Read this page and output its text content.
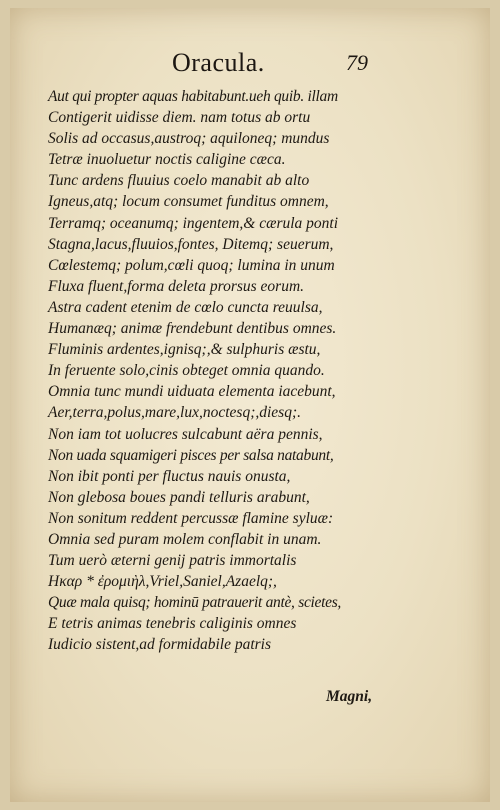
Oracula.	79
Aut qui propter aquas habitabunt.ueh quib. illam
Contigerit uidisse diem. nam totus ab ortu
Solis ad occasus,austroq; aquiloneq; mundus
Tetræ inuoluetur noctis caligine cæca.
Tunc ardens fluuius coelo manabit ab alto
Igneus,atq; locum consumet funditus omnem,
Terramq; oceanumq; ingentem,& cærula ponti
Stagna,lacus,fluuios,fontes, Ditemq; seuerum,
Cœlestemq; polum,cœli quoq; lumina in unum
Fluxa fluent,forma deleta prorsus eorum.
Astra cadent etenim de cœlo cuncta reuulsa,
Humanæq; animæ frendebunt dentibus omnes.
Fluminis ardentes,ignisq;,& sulphuris æstu,
In feruente solo,cinis obteget omnia quando.
Omnia tunc mundi uiduata elementa iacebunt,
Aer,terra,polus,mare,lux,noctesq;,diesq;.
Non iam tot uolucres sulcabunt aëra pennis,
Non uada squamigeri pisces per salsa natabunt,
Non ibit ponti per fluctus nauis onusta,
Non glebosa boues pandi telluris arabunt,
Non sonitum reddent percussæ flamine syluæ:
Omnia sed puram molem conflabit in unam.
Tum uerò æterni genij patris immortalis
Ηκαρ * ἐρομιὴλ,Vriel,Saniel,Azaelq;,
Quæ mala quisq; hominū patrauerit antè, scietes,
E tetris animas tenebris caliginis omnes
Iudicio sistent,ad formidabile patris
Magni,
